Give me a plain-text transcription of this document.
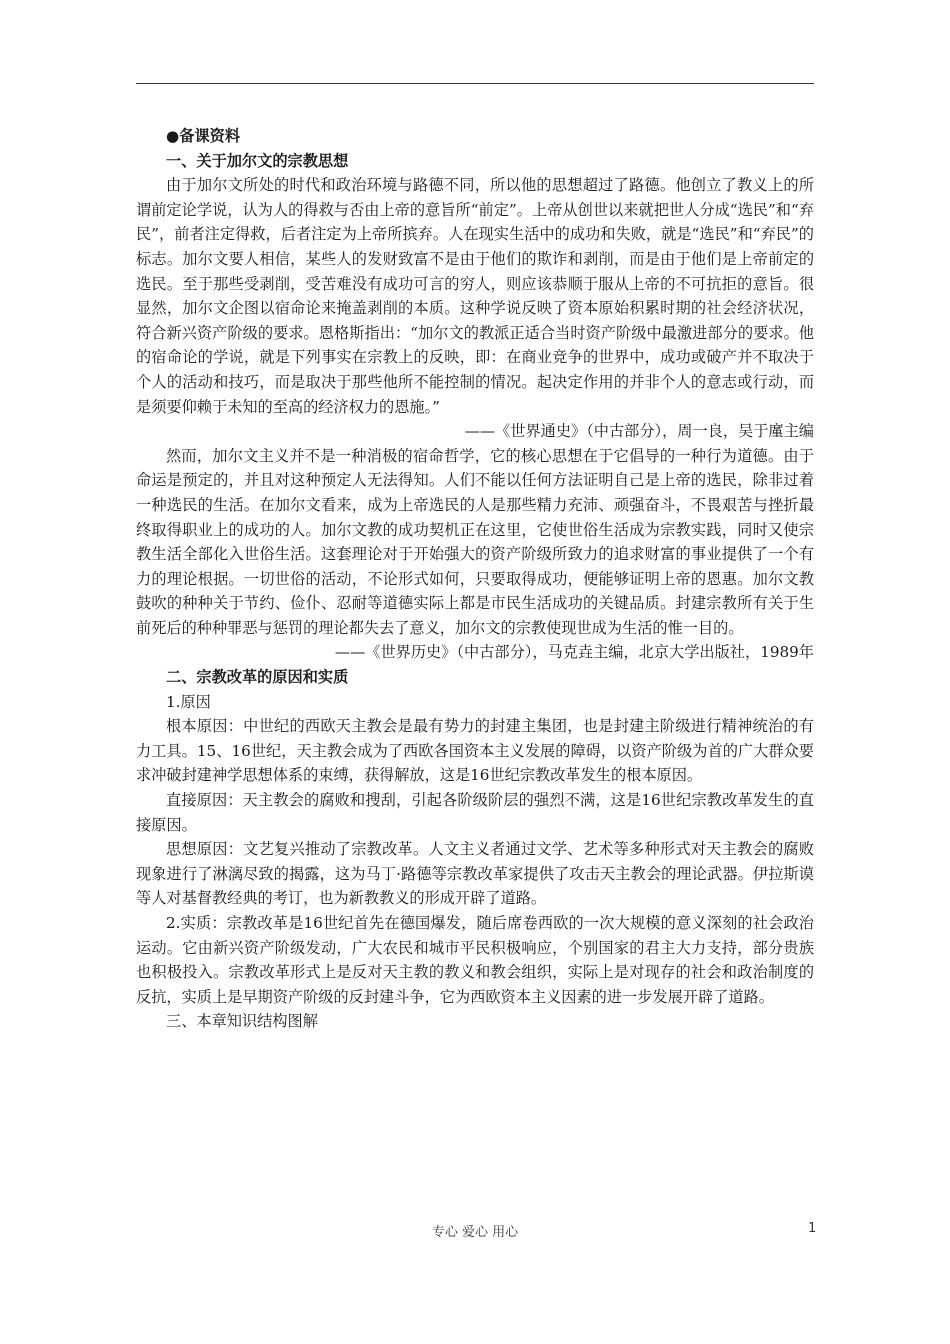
●备课资料

一、关于加尔文的宗教思想

由于加尔文所处的时代和政治环境与路德不同，所以他的思想超过了路德。他创立了教义上的所谓前定论学说，认为人的得救与否由上帝的意旨所“前定”。上帝从创世以来就把世人分成“选民”和“弃民”，前者注定得救，后者注定为上帝所摈弃。人在现实生活中的成功和失败，就是“选民”和“弃民”的标志。加尔文要人相信，某些人的发财致富不是由于他们的欺诈和剥削，而是由于他们是上帝前定的选民。至于那些受剥削，受苦难没有成功可言的穷人，则应该恭顺于服从上帝的不可抗拒的意旨。很显然，加尔文企图以宿命论来掩盖剥削的本质。这种学说反映了资本原始积累时期的社会经济状况，符合新兴资产阶级的要求。恩格斯指出：“加尔文的教派正适合当时资产阶级中最激进部分的要求。他的宿命论的学说，就是下列事实在宗教上的反映，即：在商业竞争的世界中，成功或破产并不取决于个人的活动和技巧，而是取决于那些他所不能控制的情况。起决定作用的并非个人的意志或行动，而是须要仰赖于未知的至高的经济权力的恩施。”

——《世界通史》（中古部分），周一良，吴于廑主编

然而，加尔文主义并不是一种消极的宿命哲学，它的核心思想在于它倡导的一种行为道德。由于命运是预定的，并且对这种预定人无法得知。人们不能以任何方法证明自己是上帝的选民，除非过着一种选民的生活。在加尔文看来，成为上帝选民的人是那些精力充沛、顽强奋斗，不畏艰苦与挫折最终取得职业上的成功的人。加尔文教的成功契机正在这里，它使世俗生活成为宗教实践，同时又使宗教生活全部化入世俗生活。这套理论对于开始强大的资产阶级所致力的追求财富的事业提供了一个有力的理论根据。一切世俗的活动，不论形式如何，只要取得成功，便能够证明上帝的恩惠。加尔文教鼓吹的种种关于节约、俭仆、忍耐等道德实际上都是市民生活成功的关键品质。封建宗教所有关于生前死后的种种罪恶与惩罚的理论都失去了意义，加尔文的宗教使现世成为生活的惟一目的。

——《世界历史》（中古部分），马克垚主编，北京大学出版社，1989年

二、宗教改革的原因和实质

1.原因

根本原因：中世纪的西欧天主教会是最有势力的封建主集团，也是封建主阶级进行精神统治的有力工具。15、16世纪，天主教会成为了西欧各国资本主义发展的障碍，以资产阶级为首的广大群众要求冲破封建神学思想体系的束缚，获得解放，这是16世纪宗教改革发生的根本原因。

直接原因：天主教会的腐败和搜刮，引起各阶级阶层的强烈不满，这是16世纪宗教改革发生的直接原因。

思想原因：文艺复兴推动了宗教改革。人文主义者通过文学、艺术等多种形式对天主教会的腐败现象进行了淋漓尽致的揭露，这为马丁·路德等宗教改革家提供了攻击天主教会的理论武器。伊拉斯谟等人对基督教经典的考订，也为新教教义的形成开辟了道路。

2.实质：宗教改革是16世纪首先在德国爆发，随后席卷西欧的一次大规模的意义深刻的社会政治运动。它由新兴资产阶级发动，广大农民和城市平民积极响应，个别国家的君主大力支持，部分贵族也积极投入。宗教改革形式上是反对天主教的教义和教会组织，实际上是对现存的社会和政治制度的反抗，实质上是早期资产阶级的反封建斗争，它为西欧资本主义因素的进一步发展开辟了道路。

三、本章知识结构图解

专心 爱心 用心	1
